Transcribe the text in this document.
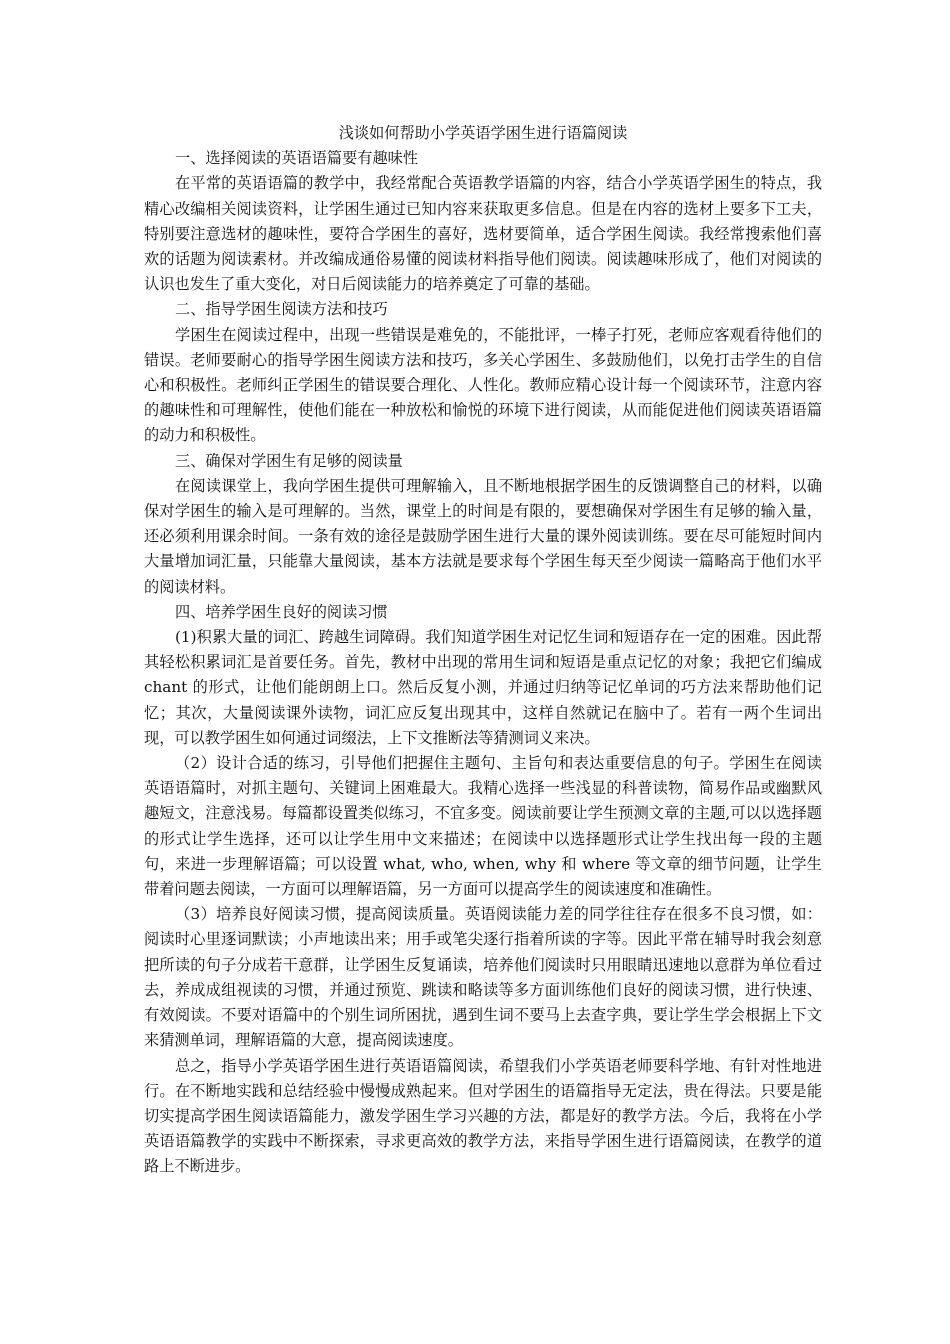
浅谈如何帮助小学英语学困生进行语篇阅读

一、选择阅读的英语语篇要有趣味性

在平常的英语语篇的教学中，我经常配合英语教学语篇的内容，结合小学英语学困生的特点，我精心改编相关阅读资料，让学困生通过已知内容来获取更多信息。但是在内容的选材上要多下工夫，特别要注意选材的趣味性，要符合学困生的喜好，选材要简单，适合学困生阅读。我经常搜索他们喜欢的话题为阅读素材。并改编成通俗易懂的阅读材料指导他们阅读。阅读趣味形成了，他们对阅读的认识也发生了重大变化，对日后阅读能力的培养奠定了可靠的基础。

二、指导学困生阅读方法和技巧

学困生在阅读过程中，出现一些错误是难免的，不能批评，一棒子打死，老师应客观看待他们的错误。老师要耐心的指导学困生阅读方法和技巧，多关心学困生、多鼓励他们，以免打击学生的自信心和积极性。老师纠正学困生的错误要合理化、人性化。教师应精心设计每一个阅读环节，注意内容的趣味性和可理解性，使他们能在一种放松和愉悦的环境下进行阅读，从而能促进他们阅读英语语篇的动力和积极性。

三、确保对学困生有足够的阅读量

在阅读课堂上，我向学困生提供可理解输入，且不断地根据学困生的反馈调整自己的材料，以确保对学困生的输入是可理解的。当然，课堂上的时间是有限的，要想确保对学困生有足够的输入量，还必须利用课余时间。一条有效的途径是鼓励学困生进行大量的课外阅读训练。要在尽可能短时间内大量增加词汇量，只能靠大量阅读，基本方法就是要求每个学困生每天至少阅读一篇略高于他们水平的阅读材料。

四、培养学困生良好的阅读习惯

(1)积累大量的词汇、跨越生词障碍。我们知道学困生对记忆生词和短语存在一定的困难。因此帮其轻松积累词汇是首要任务。首先，教材中出现的常用生词和短语是重点记忆的对象；我把它们编成 chant 的形式，让他们能朗朗上口。然后反复小测，并通过归纳等记忆单词的巧方法来帮助他们记忆；其次，大量阅读课外读物，词汇应反复出现其中，这样自然就记在脑中了。若有一两个生词出现，可以教学困生如何通过词缀法，上下文推断法等猜测词义来决。

（2）设计合适的练习，引导他们把握住主题句、主旨句和表达重要信息的句子。学困生在阅读英语语篇时，对抓主题句、关键词上困难最大。我精心选择一些浅显的科普读物，简易作品或幽默风趣短文，注意浅易。每篇都设置类似练习，不宜多变。阅读前要让学生预测文章的主题,可以以选择题的形式让学生选择，还可以让学生用中文来描述；在阅读中以选择题形式让学生找出每一段的主题句，来进一步理解语篇；可以设置 what, who, when, why 和 where 等文章的细节问题，让学生带着问题去阅读，一方面可以理解语篇，另一方面可以提高学生的阅读速度和准确性。

（3）培养良好阅读习惯，提高阅读质量。英语阅读能力差的同学往往存在很多不良习惯，如：阅读时心里逐词默读；小声地读出来；用手或笔尖逐行指着所读的字等。因此平常在辅导时我会刻意把所读的句子分成若干意群，让学困生反复诵读，培养他们阅读时只用眼睛迅速地以意群为单位看过去，养成成组视读的习惯，并通过预览、跳读和略读等多方面训练他们良好的阅读习惯，进行快速、有效阅读。不要对语篇中的个别生词所困扰，遇到生词不要马上去查字典，要让学生学会根据上下文来猜测单词，理解语篇的大意，提高阅读速度。

总之，指导小学英语学困生进行英语语篇阅读，希望我们小学英语老师要科学地、有针对性地进行。在不断地实践和总结经验中慢慢成熟起来。但对学困生的语篇指导无定法，贵在得法。只要是能切实提高学困生阅读语篇能力，激发学困生学习兴趣的方法，都是好的教学方法。今后，我将在小学英语语篇教学的实践中不断探索，寻求更高效的教学方法，来指导学困生进行语篇阅读，在教学的道路上不断进步。
